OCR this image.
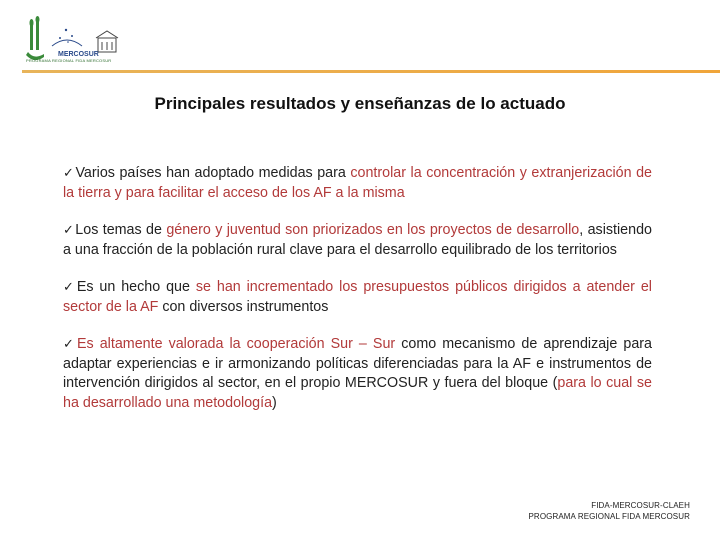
MERCOSUR
PROGRAMA REGIONAL FIDA MERCOSUR
Principales resultados y enseñanzas de lo actuado

✓Varios países han adoptado medidas para controlar la concentración y extranjerización de la tierra y para facilitar el acceso de los AF a la misma

✓Los temas de género y juventud son priorizados en los proyectos de desarrollo, asistiendo a una fracción de la población rural clave para el desarrollo equilibrado de los territorios

✓Es un hecho que se han incrementado los presupuestos públicos dirigidos a atender el sector de la AF con diversos instrumentos

✓Es altamente valorada la cooperación Sur – Sur como mecanismo de aprendizaje para adaptar experiencias e ir armonizando políticas diferenciadas para la AF e instrumentos de intervención dirigidos al sector, en el propio MERCOSUR y fuera del bloque (para lo cual se ha desarrollado una metodología)

FIDA-MERCOSUR-CLAEH
PROGRAMA REGIONAL FIDA MERCOSUR
